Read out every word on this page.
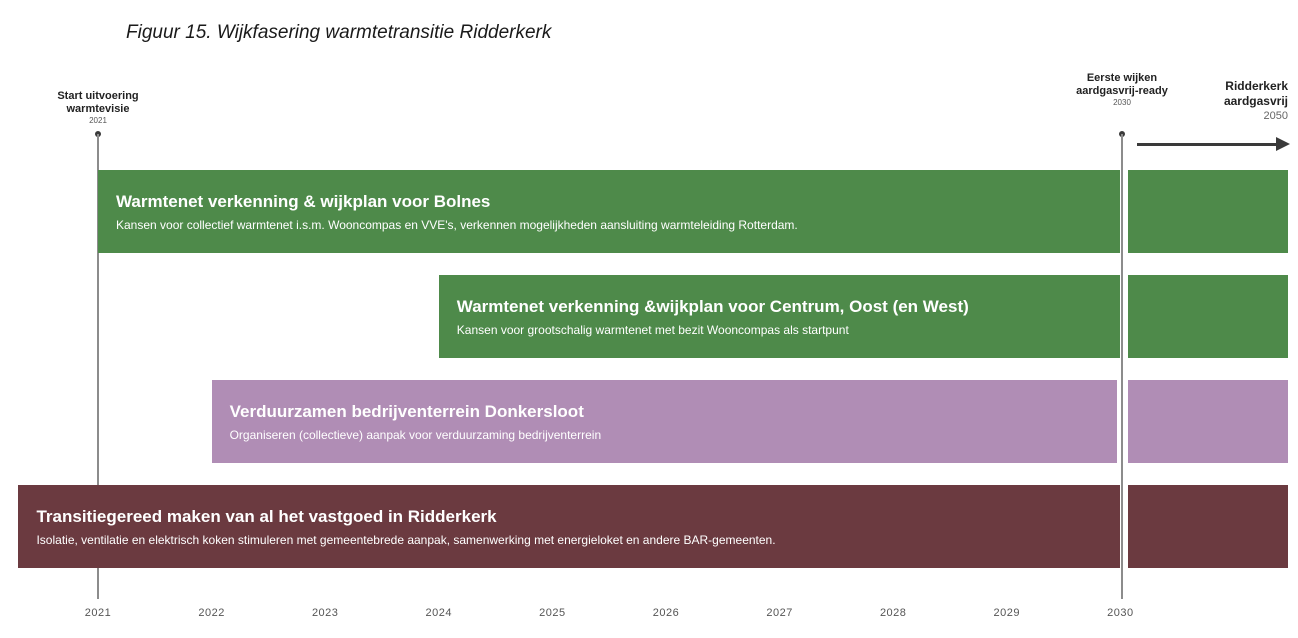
Figuur 15. Wijkfasering warmtetransitie Ridderkerk
Start uitvoering warmtevisie
2021
Eerste wijken aardgasvrij-ready
2030
Ridderkerk aardgasvrij
2050
Warmtenet verkenning & wijkplan voor Bolnes
Kansen voor collectief warmtenet i.s.m. Wooncompas en VVE's, verkennen mogelijkheden aansluiting warmteleiding Rotterdam.
Warmtenet verkenning &wijkplan voor Centrum, Oost (en West)
Kansen voor grootschalig warmtenet met bezit Wooncompas als startpunt
Verduurzamen bedrijventerrein Donkersloot
Organiseren (collectieve) aanpak voor verduurzaming bedrijventerrein
Transitiegereed maken van al het vastgoed in Ridderkerk
Isolatie, ventilatie en elektrisch koken stimuleren met gemeentebrede aanpak, samenwerking met energieloket en andere BAR-gemeenten.
2021	2022	2023	2024	2025	2026	2027	2028	2029	2030
